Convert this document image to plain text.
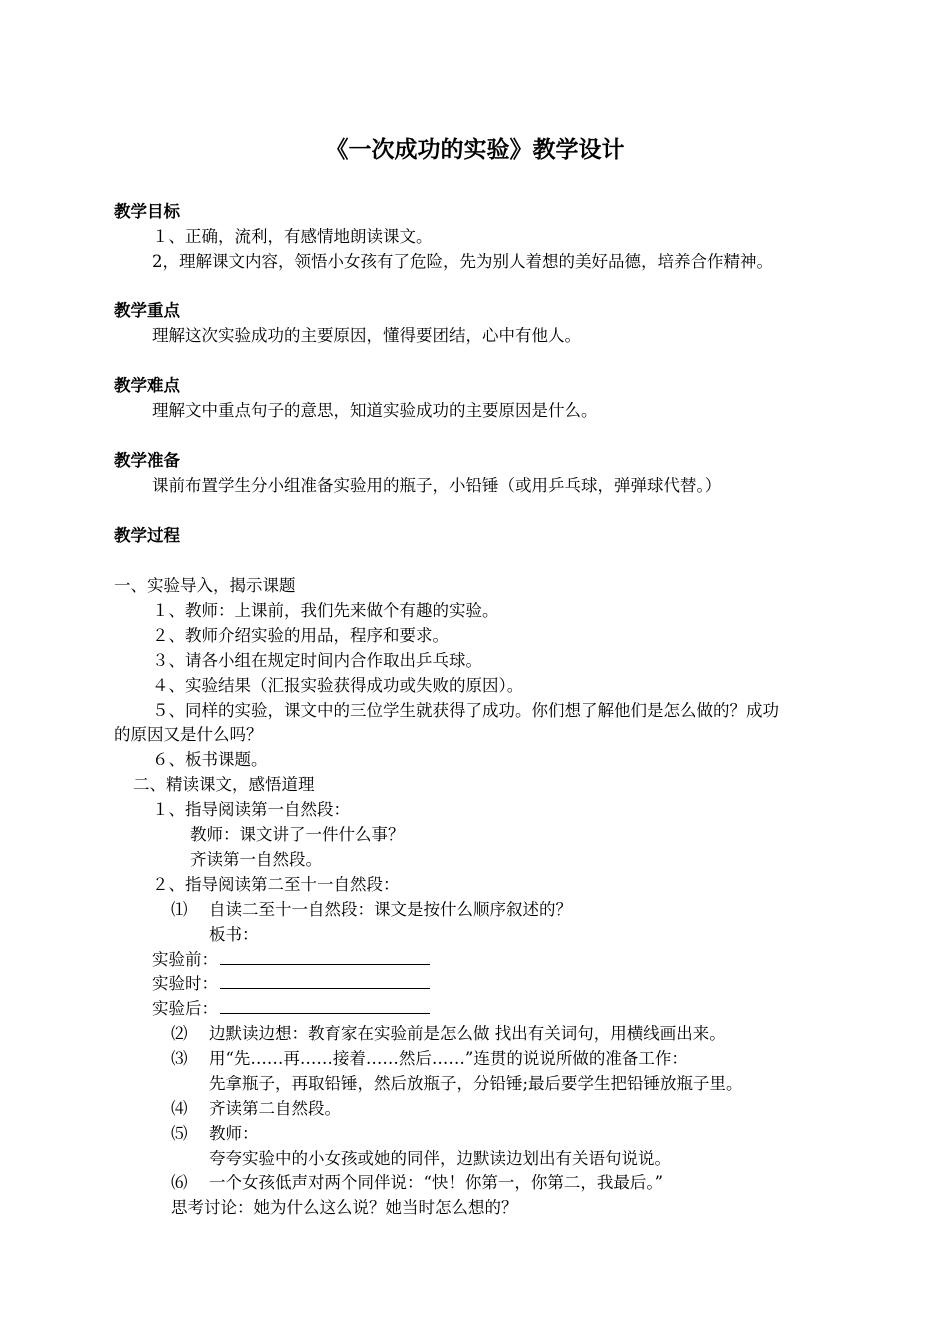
《一次成功的实验》教学设计
教学目标
１、正确，流利，有感情地朗读课文。
2，理解课文内容，领悟小女孩有了危险，先为别人着想的美好品德，培养合作精神。
教学重点
理解这次实验成功的主要原因，懂得要团结，心中有他人。
教学难点
理解文中重点句子的意思，知道实验成功的主要原因是什么。
教学准备
课前布置学生分小组准备实验用的瓶子，小铅锤（或用乒乓球，弹弹球代替。）
教学过程
一、实验导入，揭示课题
１、教师：上课前，我们先来做个有趣的实验。
２、教师介绍实验的用品，程序和要求。
３、请各小组在规定时间内合作取出乒乓球。
４、实验结果（汇报实验获得成功或失败的原因）。
５、同样的实验，课文中的三位学生就获得了成功。你们想了解他们是怎么做的？成功
的原因又是什么吗？
６、板书课题。
二、精读课文，感悟道理
１、指导阅读第一自然段：
教师：课文讲了一件什么事？
齐读第一自然段。
２、指导阅读第二至十一自然段：
⑴ 自读二至十一自然段：课文是按什么顺序叙述的？
板书：
实验前：
实验时：
实验后：
⑵ 边默读边想：教育家在实验前是怎么做 找出有关词句，用横线画出来。
⑶ 用“先……再……接着……然后……”连贯的说说所做的准备工作：
先拿瓶子，再取铅锤，然后放瓶子，分铅锤;最后要学生把铅锤放瓶子里。
⑷ 齐读第二自然段。
⑸ 教师：
夸夸实验中的小女孩或她的同伴，边默读边划出有关语句说说。
⑹ 一个女孩低声对两个同伴说：“快！你第一，你第二，我最后。”
思考讨论：她为什么这么说？她当时怎么想的？
